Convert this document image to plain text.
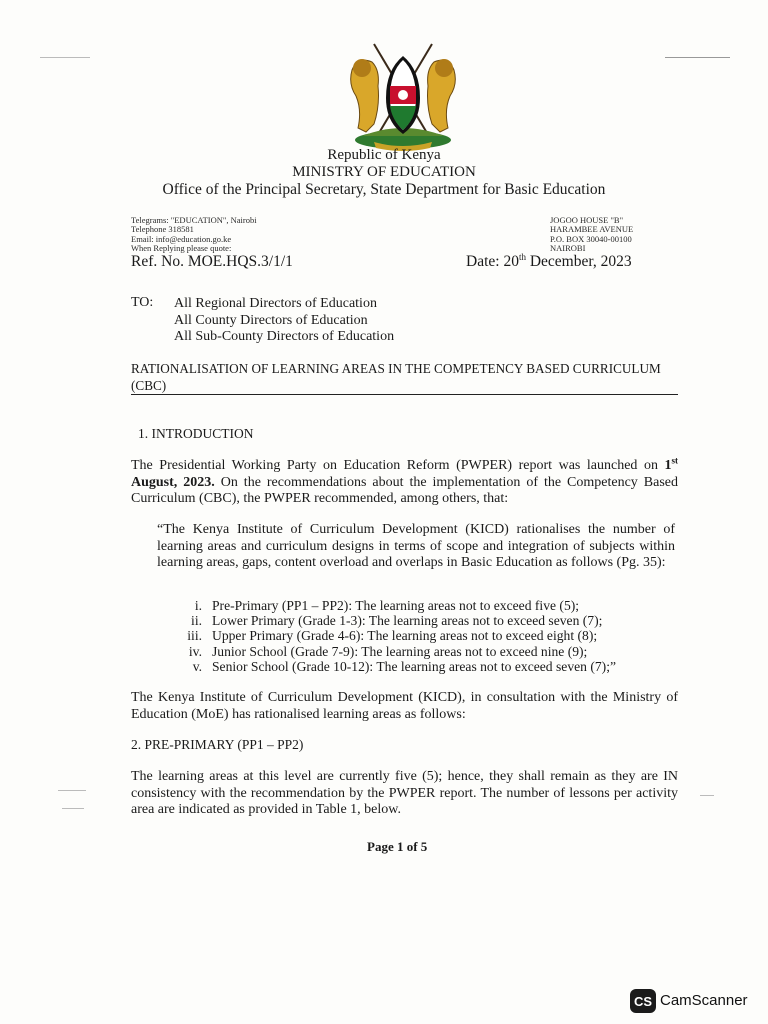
Republic of Kenya
MINISTRY OF EDUCATION
Office of the Principal Secretary, State Department for Basic Education
Telegrams: "EDUCATION", Nairobi
Telephone 318581
Email: info@education.go.ke
When Replying please quote:
JOGOO HOUSE "B"
HARAMBEE AVENUE
P.O. BOX 30040-00100
NAIROBI
Ref. No. MOE.HQS.3/1/1	Date: 20th December, 2023
TO: All Regional Directors of Education
All County Directors of Education
All Sub-County Directors of Education
RATIONALISATION OF LEARNING AREAS IN THE COMPETENCY BASED CURRICULUM
(CBC)
1. INTRODUCTION
The Presidential Working Party on Education Reform (PWPER) report was launched on 1st August, 2023. On the recommendations about the implementation of the Competency Based Curriculum (CBC), the PWPER recommended, among others, that:
“The Kenya Institute of Curriculum Development (KICD) rationalises the number of learning areas and curriculum designs in terms of scope and integration of subjects within learning areas, gaps, content overload and overlaps in Basic Education as follows (Pg. 35):
i. Pre-Primary (PP1 – PP2): The learning areas not to exceed five (5);
ii. Lower Primary (Grade 1-3): The learning areas not to exceed seven (7);
iii. Upper Primary (Grade 4-6): The learning areas not to exceed eight (8);
iv. Junior School (Grade 7-9): The learning areas not to exceed nine (9);
v. Senior School (Grade 10-12): The learning areas not to exceed seven (7);”
The Kenya Institute of Curriculum Development (KICD), in consultation with the Ministry of Education (MoE) has rationalised learning areas as follows:
2. PRE-PRIMARY (PP1 – PP2)
The learning areas at this level are currently five (5); hence, they shall remain as they are IN consistency with the recommendation by the PWPER report. The number of lessons per activity area are indicated as provided in Table 1, below.
Page 1 of 5
CS CamScanner
